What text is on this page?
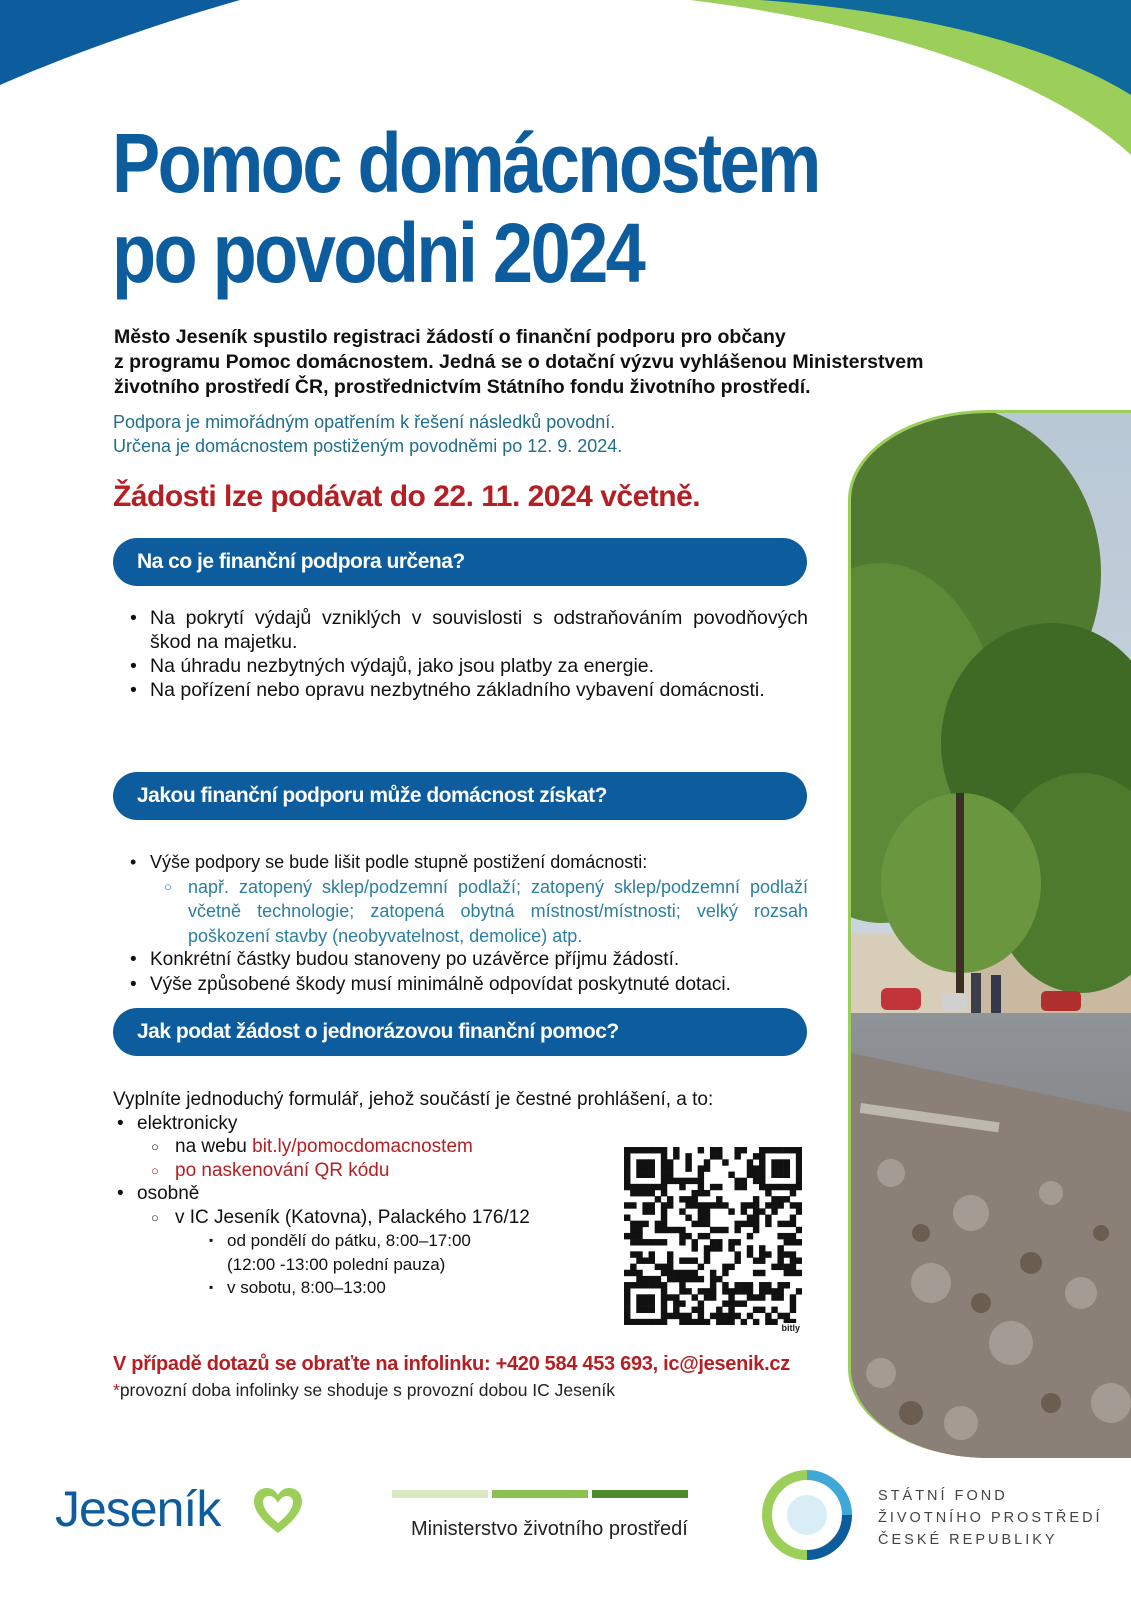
Pomoc domácnostem
po povodni 2024
Město Jeseník spustilo registraci žádostí o finanční podporu pro občany
z programu Pomoc domácnostem. Jedná se o dotační výzvu vyhlášenou Ministerstvem
životního prostředí ČR, prostřednictvím Státního fondu životního prostředí.
Podpora je mimořádným opatřením k řešení následků povodní.
Určena je domácnostem postiženým povodněmi po 12. 9. 2024.
Žádosti lze podávat do 22. 11. 2024 včetně.
Na co je finanční podpora určena?
• Na pokrytí výdajů vzniklých v souvislosti s odstraňováním povodňových škod na majetku.
• Na úhradu nezbytných výdajů, jako jsou platby za energie.
• Na pořízení nebo opravu nezbytného základního vybavení domácnosti.
Jakou finanční podporu může domácnost získat?
• Výše podpory se bude lišit podle stupně postižení domácnosti:
○ např. zatopený sklep/podzemní podlaží; zatopený sklep/podzemní podlaží včetně technologie; zatopená obytná místnost/místnosti; velký rozsah poškození stavby (neobyvatelnost, demolice) atp.
• Konkrétní částky budou stanoveny po uzávěrce příjmu žádostí.
• Výše způsobené škody musí minimálně odpovídat poskytnuté dotaci.
Jak podat žádost o jednorázovou finanční pomoc?
Vyplníte jednoduchý formulář, jehož součástí je čestné prohlášení, a to:
• elektronicky
○ na webu bit.ly/pomocdomacnostem
○ po naskenování QR kódu
• osobně
○ v IC Jeseník (Katovna), Palackého 176/12
▪ od pondělí do pátku, 8:00–17:00
(12:00 -13:00 polední pauza)
▪ v sobotu, 8:00–13:00
bitly
V případě dotazů se obraťte na infolinku: +420 584 453 693, ic@jesenik.cz
*provozní doba infolinky se shoduje s provozní dobou IC Jeseník
Jeseník	Ministerstvo životního prostředí
STÁTNÍ FOND
ŽIVOTNÍHO PROSTŘEDÍ
ČESKÉ REPUBLIKY
